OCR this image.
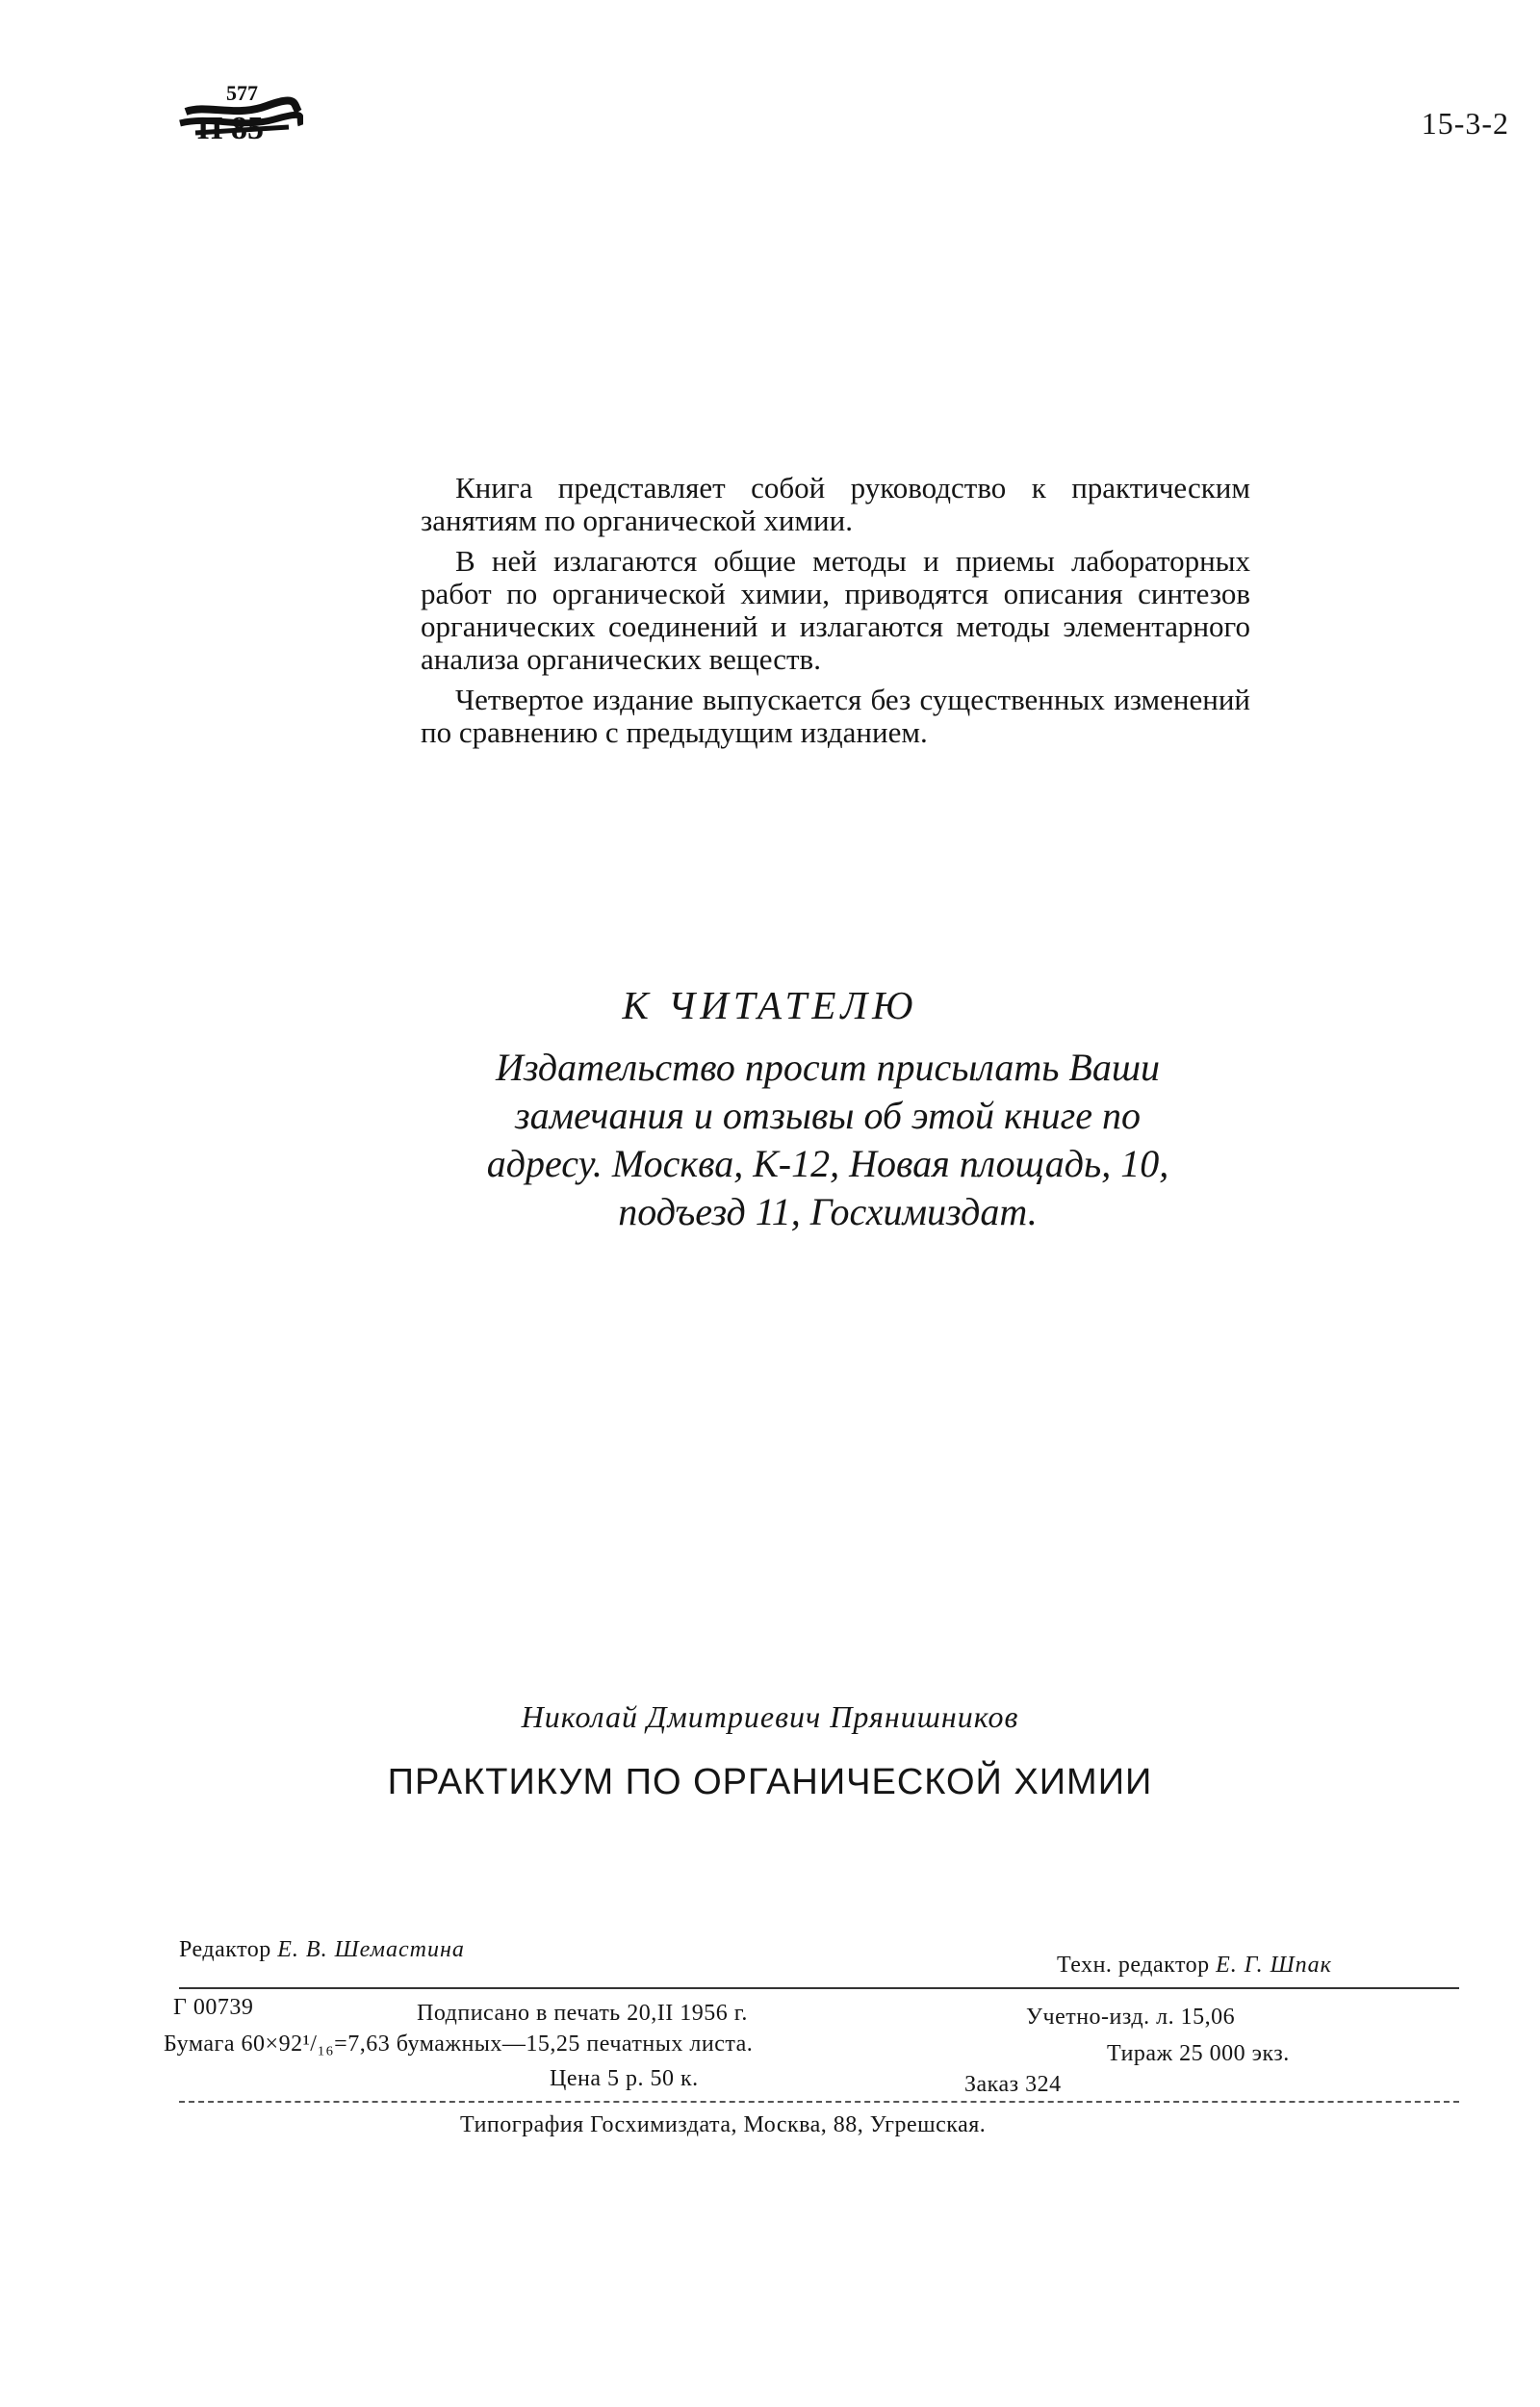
577
П 85	15-3-2

Книга представляет собой руководство к практическим занятиям по органической химии.

В ней излагаются общие методы и приемы лабораторных работ по органической химии, приводятся описания синтезов органических соединений и излагаются методы элементарного анализа органических веществ.

Четвертое издание выпускается без существенных изменений по сравнению с предыдущим изданием.

К ЧИТАТЕЛЮ
Издательство просит присылать Ваши
замечания и отзывы об этой книге по
адресу. Москва, К-12, Новая площадь, 10,
подъезд 11, Госхимиздат.
Николай Дмитриевич Прянишников
ПРАКТИКУМ ПО ОРГАНИЧЕСКОЙ ХИМИИ
Редактор Е. В. Шемастина
Техн. редактор Е. Г. Шпак
Г 00739	Подписано в печать 20,II 1956 г.	Учетно-изд. л. 15,06
Бумага 60×92¹/₁₆=7,63 бумажных—15,25 печатных листа.	Тираж 25 000 экз.
Цена 5 р. 50 к.	Заказ 324
Типография Госхимиздата, Москва, 88, Угрешская.
